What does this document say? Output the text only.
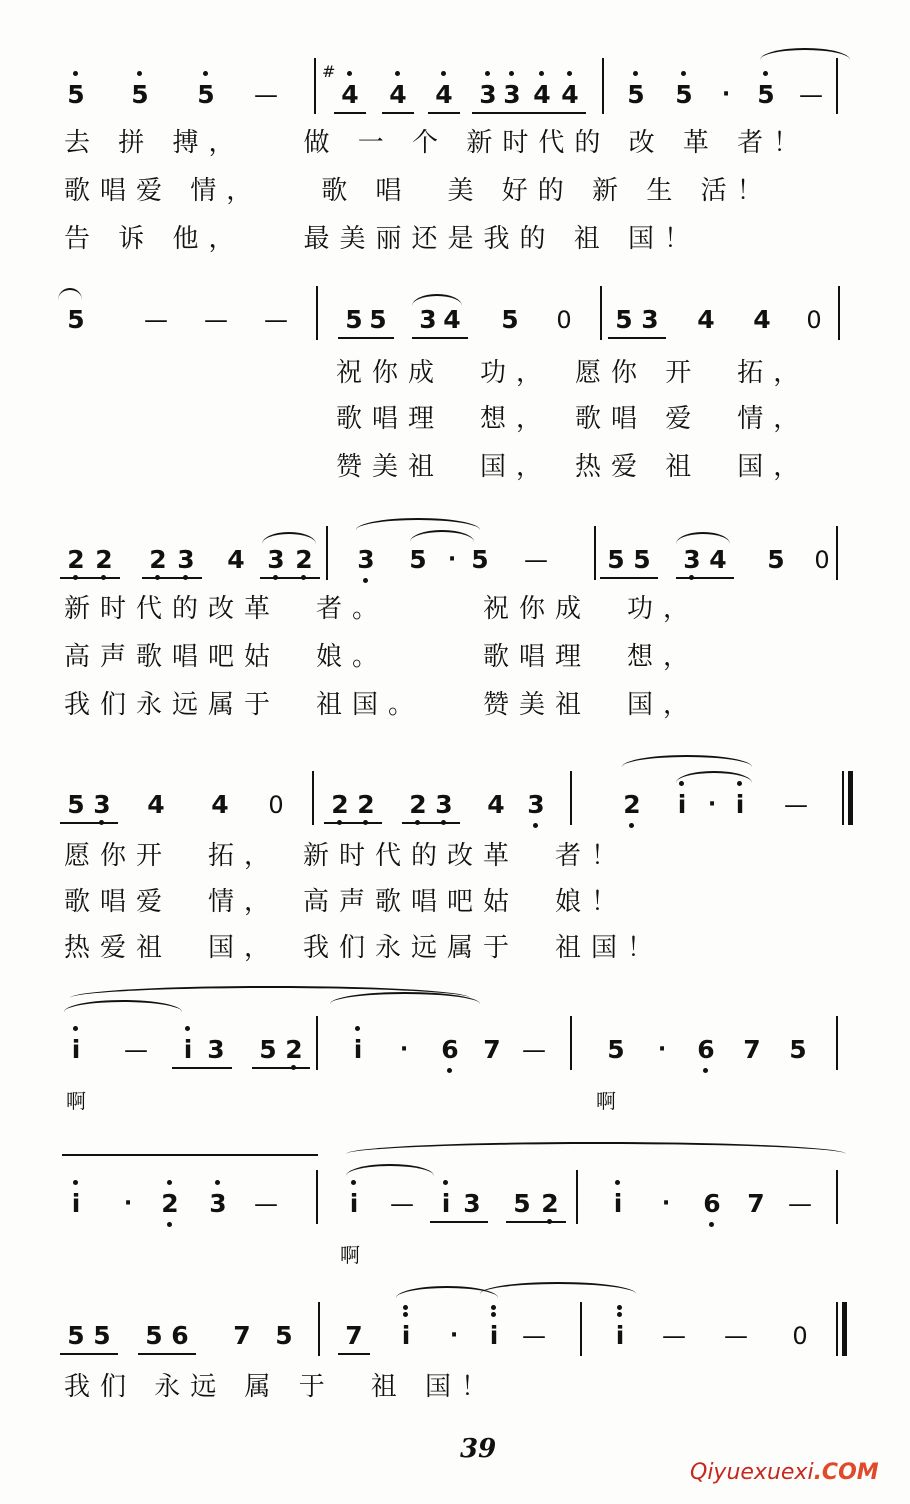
5 5 5	—	4 4 4 3 3 4 4 5 5	·	5	—
#
去 拼 搏，　　做 一 个 新时代的 改 革 者！
歌唱爱 情，　　歌 唱　美 好的 新 生 活！
告 诉 他，　　最美丽还是我的 祖 国！
5	— — — 5 5 3 4 5	0	5 3 4 4	0
祝你成　功，　愿你 开　拓，
歌唱理　想，　歌唱 爱　情，
赞美祖　国，　热爱 祖　国，
2 2 2 3 4 3 2 3 5 · 5	— 5 5 3 4 5	0
新时代的改革　者。　　　祝你成　功，
高声歌唱吧姑　娘。　　　歌唱理　想，
我们永远属于　祖国。　　赞美祖　国，
5 3 4 4	0	2 2 2 3 4 3	2	i · i	—
愿你开　拓，　新时代的改革　者！
歌唱爱　情，　高声歌唱吧姑　娘！
热爱祖　国，　我们永远属于　祖国！
i	—	i 3 5 2	i	·	6 7 — 5	·	6 7 5
啊	啊
i	·	2 3	—	i	—	i 3 5 2	i	·	6 7 —
啊
5 5 5 6 7 5 7	i	·	i —	i	— —	0
我们 永远 属 于　祖 国！
39
Qiyuexuexi.COM
